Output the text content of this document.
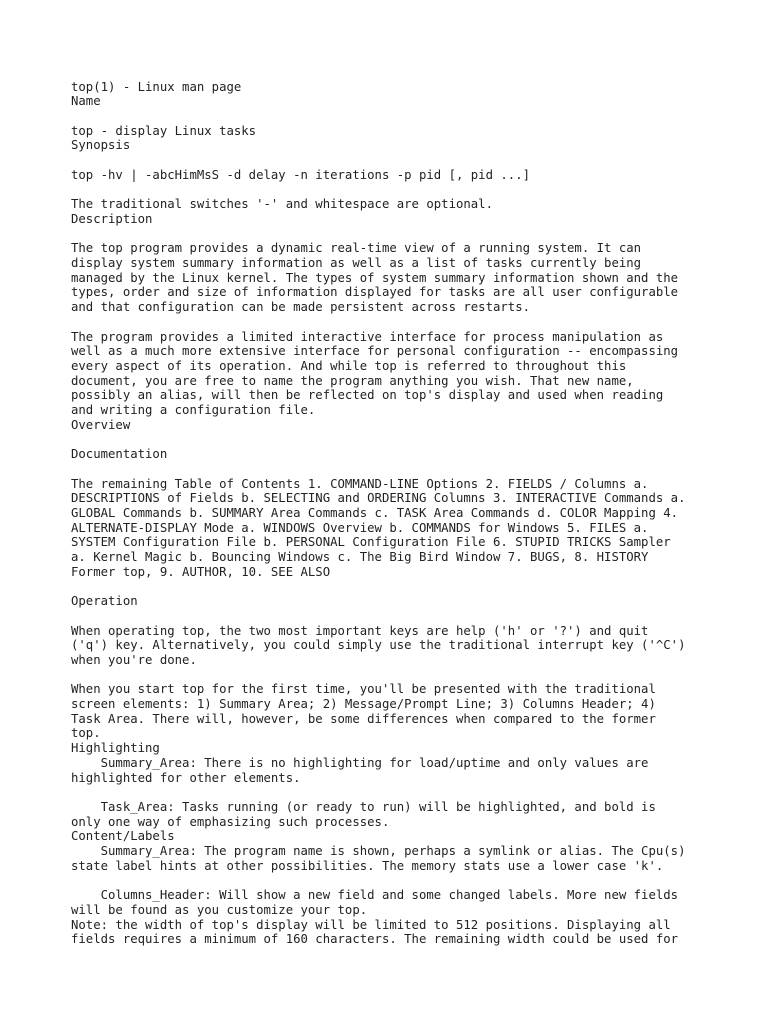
top(1) - Linux man page
Name
top - display Linux tasks
Synopsis
top -hv | -abcHimMsS -d delay -n iterations -p pid [, pid ...]
The traditional switches '-' and whitespace are optional.
Description
The top program provides a dynamic real-time view of a running system. It can
display system summary information as well as a list of tasks currently being
managed by the Linux kernel. The types of system summary information shown and the
types, order and size of information displayed for tasks are all user configurable
and that configuration can be made persistent across restarts.
The program provides a limited interactive interface for process manipulation as
well as a much more extensive interface for personal configuration -- encompassing
every aspect of its operation. And while top is referred to throughout this
document, you are free to name the program anything you wish. That new name,
possibly an alias, will then be reflected on top's display and used when reading
and writing a configuration file.
Overview
Documentation
The remaining Table of Contents 1. COMMAND-LINE Options 2. FIELDS / Columns a.
DESCRIPTIONS of Fields b. SELECTING and ORDERING Columns 3. INTERACTIVE Commands a.
GLOBAL Commands b. SUMMARY Area Commands c. TASK Area Commands d. COLOR Mapping 4.
ALTERNATE-DISPLAY Mode a. WINDOWS Overview b. COMMANDS for Windows 5. FILES a.
SYSTEM Configuration File b. PERSONAL Configuration File 6. STUPID TRICKS Sampler
a. Kernel Magic b. Bouncing Windows c. The Big Bird Window 7. BUGS, 8. HISTORY
Former top, 9. AUTHOR, 10. SEE ALSO
Operation
When operating top, the two most important keys are help ('h' or '?') and quit
('q') key. Alternatively, you could simply use the traditional interrupt key ('^C')
when you're done.
When you start top for the first time, you'll be presented with the traditional
screen elements: 1) Summary Area; 2) Message/Prompt Line; 3) Columns Header; 4)
Task Area. There will, however, be some differences when compared to the former
top.
Highlighting
Summary_Area: There is no highlighting for load/uptime and only values are
highlighted for other elements.
Task_Area: Tasks running (or ready to run) will be highlighted, and bold is
only one way of emphasizing such processes.
Content/Labels
Summary_Area: The program name is shown, perhaps a symlink or alias. The Cpu(s)
state label hints at other possibilities. The memory stats use a lower case 'k'.
Columns_Header: Will show a new field and some changed labels. More new fields
will be found as you customize your top.
Note: the width of top's display will be limited to 512 positions. Displaying all
fields requires a minimum of 160 characters. The remaining width could be used for
